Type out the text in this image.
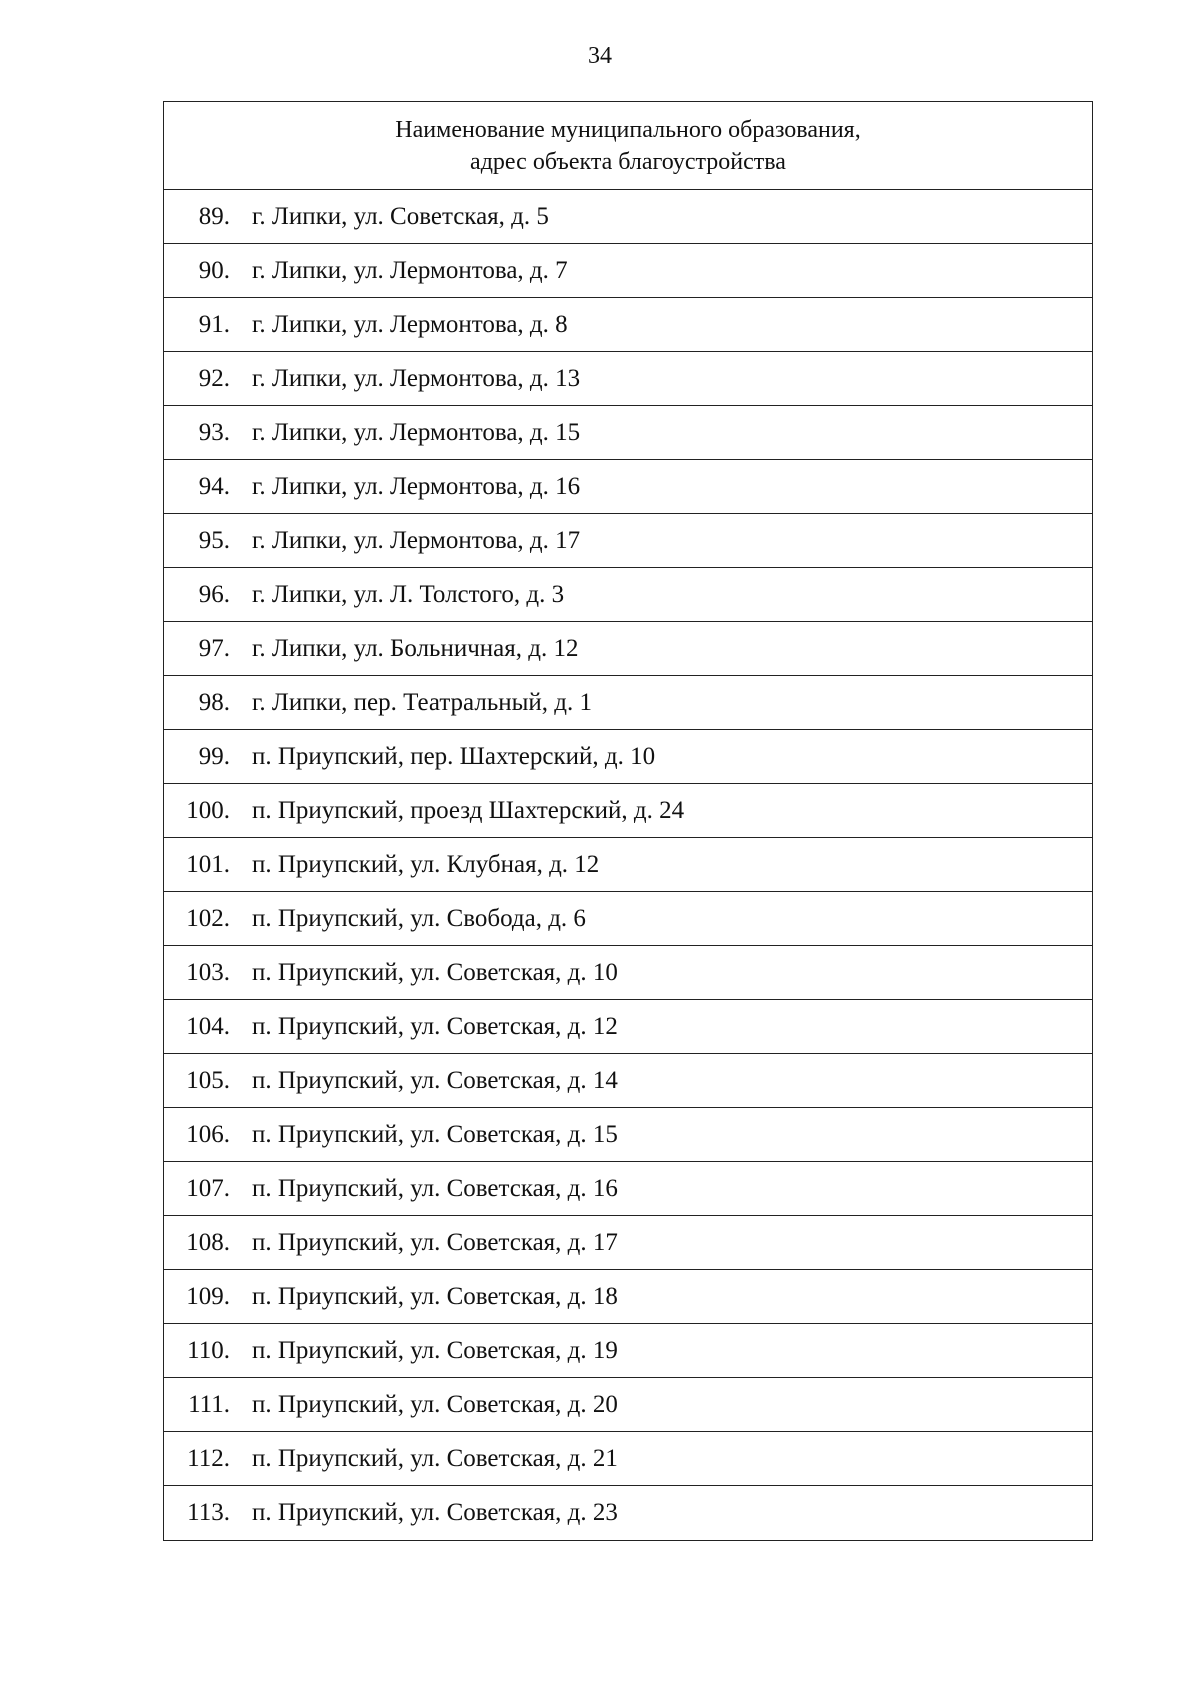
34
Наименование муниципального образования,
адрес объекта благоустройства
89. г. Липки, ул. Советская, д. 5
90. г. Липки, ул. Лермонтова, д. 7
91. г. Липки, ул. Лермонтова, д. 8
92. г. Липки, ул. Лермонтова, д. 13
93. г. Липки, ул. Лермонтова, д. 15
94. г. Липки, ул. Лермонтова, д. 16
95. г. Липки, ул. Лермонтова, д. 17
96. г. Липки, ул. Л. Толстого, д. 3
97. г. Липки, ул. Больничная, д. 12
98. г. Липки, пер. Театральный, д. 1
99. п. Приупский, пер. Шахтерский, д. 10
100. п. Приупский, проезд Шахтерский, д. 24
101. п. Приупский, ул. Клубная, д. 12
102. п. Приупский, ул. Свобода, д. 6
103. п. Приупский, ул. Советская, д. 10
104. п. Приупский, ул. Советская, д. 12
105. п. Приупский, ул. Советская, д. 14
106. п. Приупский, ул. Советская, д. 15
107. п. Приупский, ул. Советская, д. 16
108. п. Приупский, ул. Советская, д. 17
109. п. Приупский, ул. Советская, д. 18
110. п. Приупский, ул. Советская, д. 19
111. п. Приупский, ул. Советская, д. 20
112. п. Приупский, ул. Советская, д. 21
113. п. Приупский, ул. Советская, д. 23
